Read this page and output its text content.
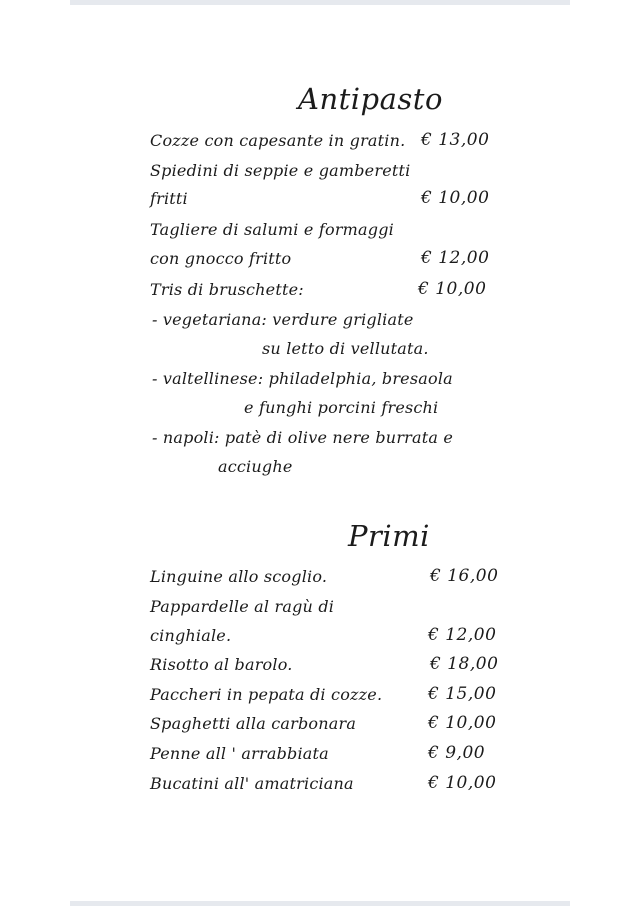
Antipasto
Cozze con capesante in gratin. € 13,00
Spiedini di seppie e gamberetti
fritti	€ 10,00
Tagliere di salumi e formaggi
con gnocco fritto	€ 12,00
Tris di bruschette:	€ 10,00
- vegetariana: verdure grigliate
su letto di vellutata.
- valtellinese: philadelphia, bresaola
e funghi porcini freschi
- napoli: patè di olive nere burrata e
acciughe
Primi
Linguine allo scoglio.	€ 16,00
Pappardelle al ragù di
cinghiale.	€ 12,00
Risotto al barolo.	€ 18,00
Paccheri in pepata di cozze.	€ 15,00
Spaghetti alla carbonara	€ 10,00
Penne all ' arrabbiata	€ 9,00
Bucatini all' amatriciana	€ 10,00
